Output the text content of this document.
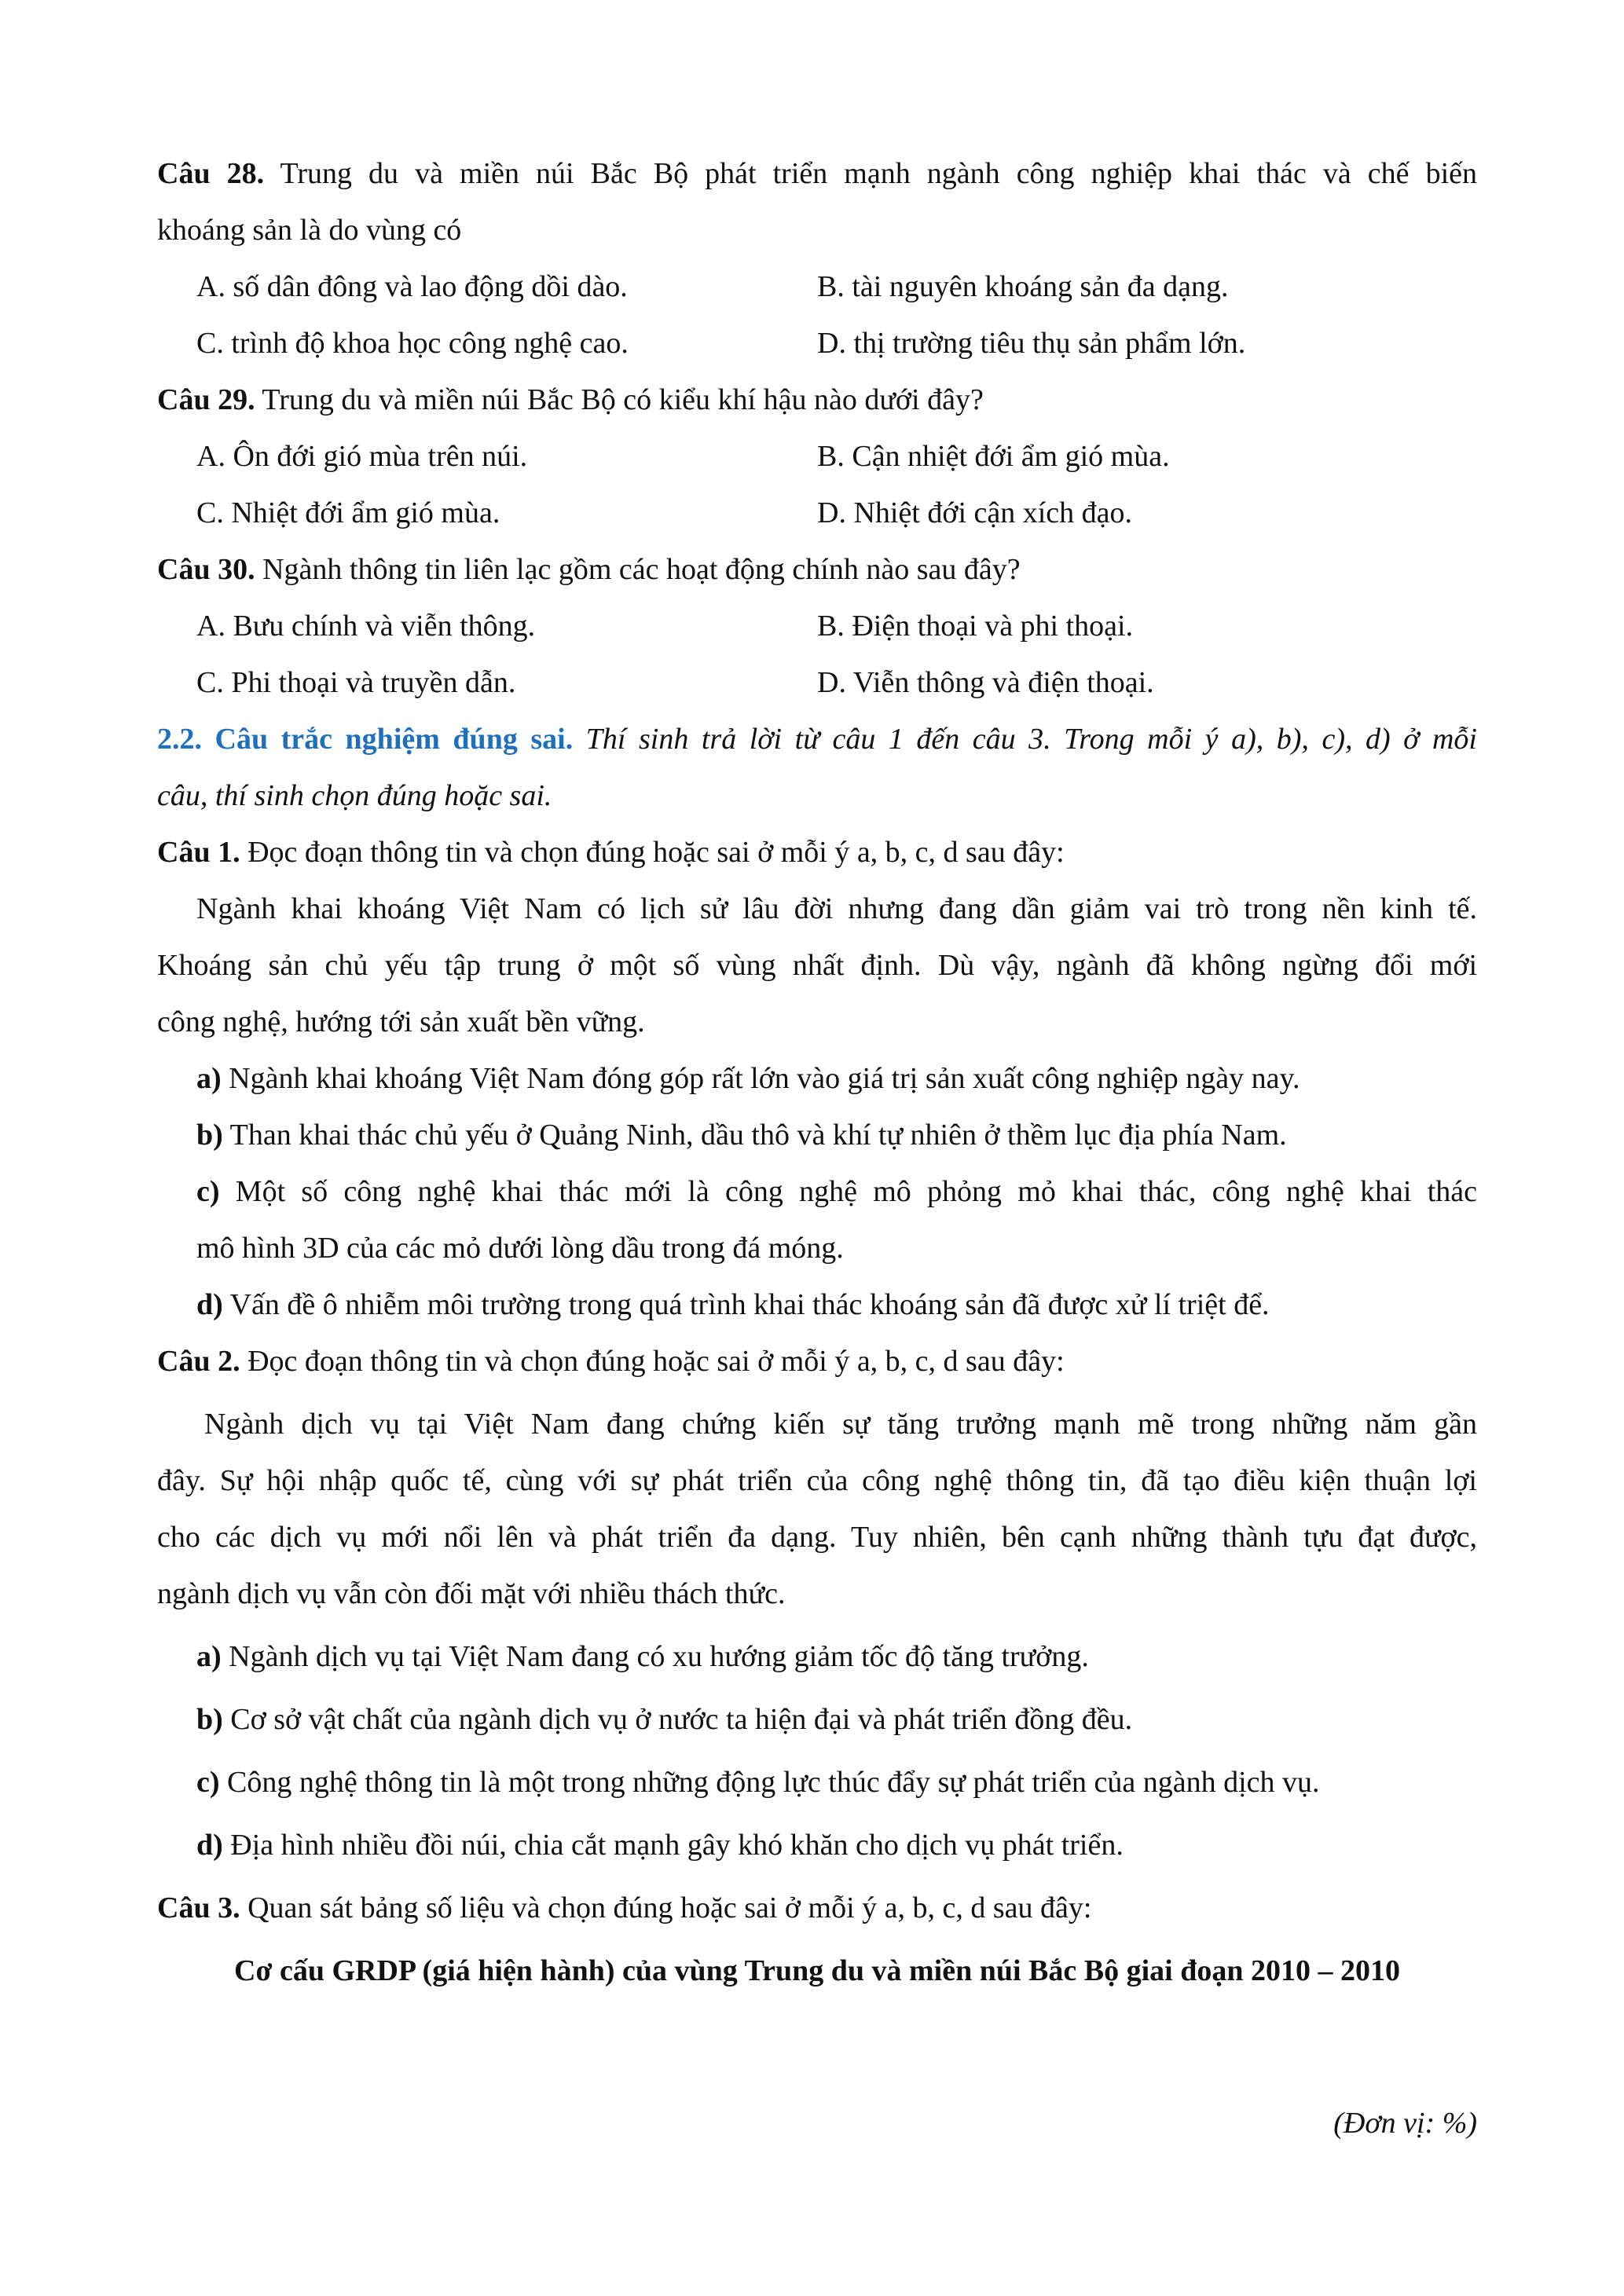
Câu 28. Trung du và miền núi Bắc Bộ phát triển mạnh ngành công nghiệp khai thác và chế biến
khoáng sản là do vùng có
A. số dân đông và lao động dồi dào.	B. tài nguyên khoáng sản đa dạng.
C. trình độ khoa học công nghệ cao.	D. thị trường tiêu thụ sản phẩm lớn.
Câu 29. Trung du và miền núi Bắc Bộ có kiểu khí hậu nào dưới đây?
A. Ôn đới gió mùa trên núi.	B. Cận nhiệt đới ẩm gió mùa.
C. Nhiệt đới ẩm gió mùa.	D. Nhiệt đới cận xích đạo.
Câu 30. Ngành thông tin liên lạc gồm các hoạt động chính nào sau đây?
A. Bưu chính và viễn thông.	B. Điện thoại và phi thoại.
C. Phi thoại và truyền dẫn.	D. Viễn thông và điện thoại.
2.2. Câu trắc nghiệm đúng sai. Thí sinh trả lời từ câu 1 đến câu 3. Trong mỗi ý a), b), c), d) ở mỗi
câu, thí sinh chọn đúng hoặc sai.
Câu 1. Đọc đoạn thông tin và chọn đúng hoặc sai ở mỗi ý a, b, c, d sau đây:
Ngành khai khoáng Việt Nam có lịch sử lâu đời nhưng đang dần giảm vai trò trong nền kinh tế.
Khoáng sản chủ yếu tập trung ở một số vùng nhất định. Dù vậy, ngành đã không ngừng đổi mới
công nghệ, hướng tới sản xuất bền vững.
a) Ngành khai khoáng Việt Nam đóng góp rất lớn vào giá trị sản xuất công nghiệp ngày nay.
b) Than khai thác chủ yếu ở Quảng Ninh, dầu thô và khí tự nhiên ở thềm lục địa phía Nam.
c) Một số công nghệ khai thác mới là công nghệ mô phỏng mỏ khai thác, công nghệ khai thác
mô hình 3D của các mỏ dưới lòng dầu trong đá móng.
d) Vấn đề ô nhiễm môi trường trong quá trình khai thác khoáng sản đã được xử lí triệt để.
Câu 2. Đọc đoạn thông tin và chọn đúng hoặc sai ở mỗi ý a, b, c, d sau đây:
Ngành dịch vụ tại Việt Nam đang chứng kiến sự tăng trưởng mạnh mẽ trong những năm gần
đây. Sự hội nhập quốc tế, cùng với sự phát triển của công nghệ thông tin, đã tạo điều kiện thuận lợi
cho các dịch vụ mới nổi lên và phát triển đa dạng. Tuy nhiên, bên cạnh những thành tựu đạt được,
ngành dịch vụ vẫn còn đối mặt với nhiều thách thức.
a) Ngành dịch vụ tại Việt Nam đang có xu hướng giảm tốc độ tăng trưởng.
b) Cơ sở vật chất của ngành dịch vụ ở nước ta hiện đại và phát triển đồng đều.
c) Công nghệ thông tin là một trong những động lực thúc đẩy sự phát triển của ngành dịch vụ.
d) Địa hình nhiều đồi núi, chia cắt mạnh gây khó khăn cho dịch vụ phát triển.
Câu 3. Quan sát bảng số liệu và chọn đúng hoặc sai ở mỗi ý a, b, c, d sau đây:
Cơ cấu GRDP (giá hiện hành) của vùng Trung du và miền núi Bắc Bộ giai đoạn 2010 – 2010
(Đơn vị: %)
